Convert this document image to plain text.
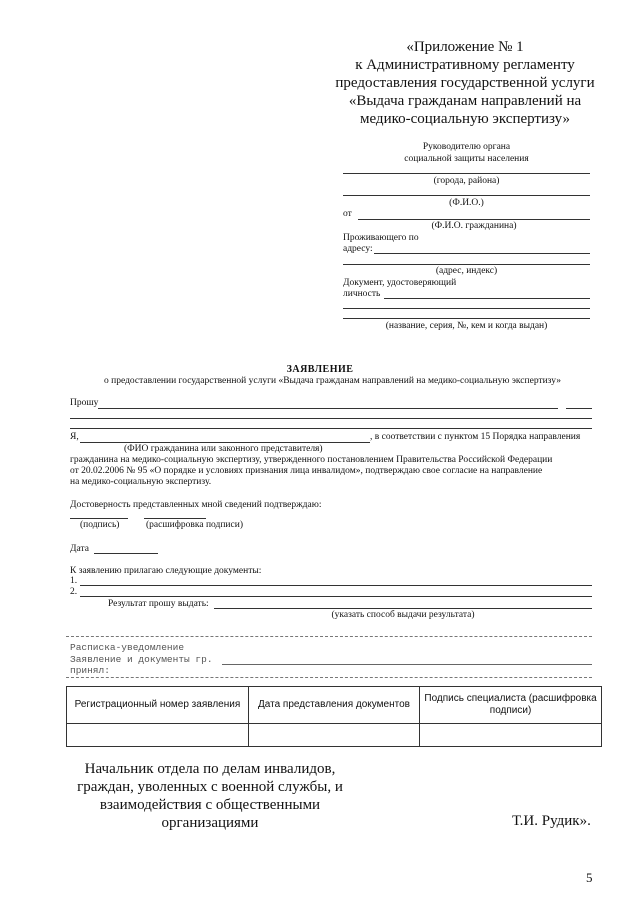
«Приложение № 1
к Административному регламенту
предоставления государственной услуги
«Выдача гражданам направлений на
медико-социальную экспертизу»
Руководителю органа
социальной защиты населения
(города, района)
(Ф.И.О.)
от
(Ф.И.О. гражданина)
Проживающего по
адресу:
(адрес, индекс)
Документ, удостоверяющий
личность
(название, серия, №, кем и когда выдан)
ЗАЯВЛЕНИЕ
о предоставлении государственной услуги «Выдача гражданам направлений на медико-социальную экспертизу»
Прошу
Я,	, в соответствии с пунктом 15 Порядка направления
(ФИО гражданина или законного представителя)
гражданина на медико-социальную экспертизу, утвержденного постановлением Правительства Российской Федерации
от 20.02.2006 № 95 «О порядке и условиях признания лица инвалидом», подтверждаю свое согласие на направление
на медико-социальную экспертизу.
Достоверность представленных мной сведений подтверждаю:
(подпись)	(расшифровка подписи)
Дата
К заявлению прилагаю следующие документы:
1.
2.
Результат прошу выдать:
(указать способ выдачи результата)
Расписка-уведомление
Заявление и документы гр.
принял:
Регистрационный номер заявления	Дата представления документов	Подпись специалиста (расшифровка подписи)

Начальник отдела по делам инвалидов,
граждан, уволенных с военной службы, и
взаимодействия с общественными
организациями	Т.И. Рудик».
5
